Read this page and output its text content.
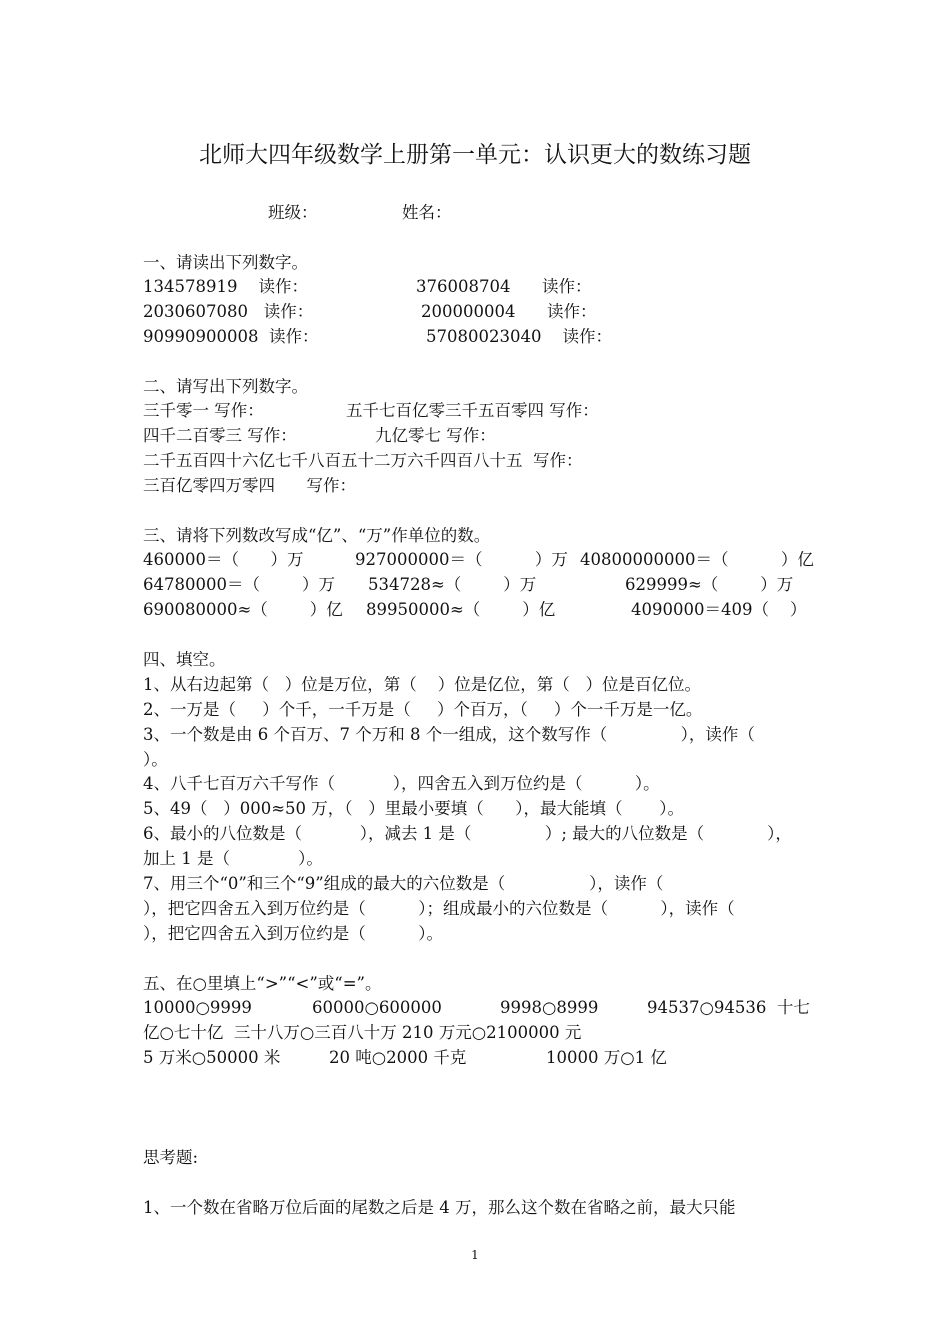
北师大四年级数学上册第一单元：认识更大的数练习题
班级：	姓名：
一、请读出下列数字。
134578919    读作：	376008704      读作：
2030607080   读作：	200000004      读作：
90990900008  读作：	57080023040    读作：
二、请写出下列数字。
三千零一 写作：	五千七百亿零三千五百零四 写作：
四千二百零三 写作：	九亿零七 写作：
二千五百四十六亿七千八百五十二万六千四百八十五  写作：
三百亿零四万零四      写作：
三、请将下列数改写成“亿”、“万”作单位的数。
460000＝（      ）万	927000000＝（          ）万 40800000000＝（          ）亿
64780000＝（        ）万 534728≈（        ）万	629999≈（        ）万
690080000≈（        ）亿 89950000≈（        ）亿	4090000＝409（    ）
四、填空。
1、从右边起第（   ）位是万位，第（    ）位是亿位，第（   ）位是百亿位。
2、一万是（     ）个千，一千万是（     ）个百万，（     ）个一千万是一亿。
3、一个数是由 6 个百万、7 个万和 8 个一组成，这个数写作（              ），读作（
）。
4、八千七百万六千写作（           ），四舍五入到万位约是（          ）。
5、49（   ）000≈50 万，（   ）里最小要填（      ），最大能填（       ）。
6、最小的八位数是（           ），减去 1 是（              ）; 最大的八位数是（            ），
加上 1 是（             ）。
7、用三个“0”和三个“9”组成的最大的六位数是（                ），读作（
），把它四舍五入到万位约是（          ）；组成最小的六位数是（          ），读作（
），把它四舍五入到万位约是（          ）。
五、在○里填上“>”“<”或“=”。
10000○9999	60000○600000	9998○8999	94537○94536  十七
亿○七十亿  三十八万○三百八十万 210 万元○2100000 元
5 万米○50000 米	20 吨○2000 千克	10000 万○1 亿
思考题:
1、一个数在省略万位后面的尾数之后是 4 万，那么这个数在省略之前，最大只能
1
